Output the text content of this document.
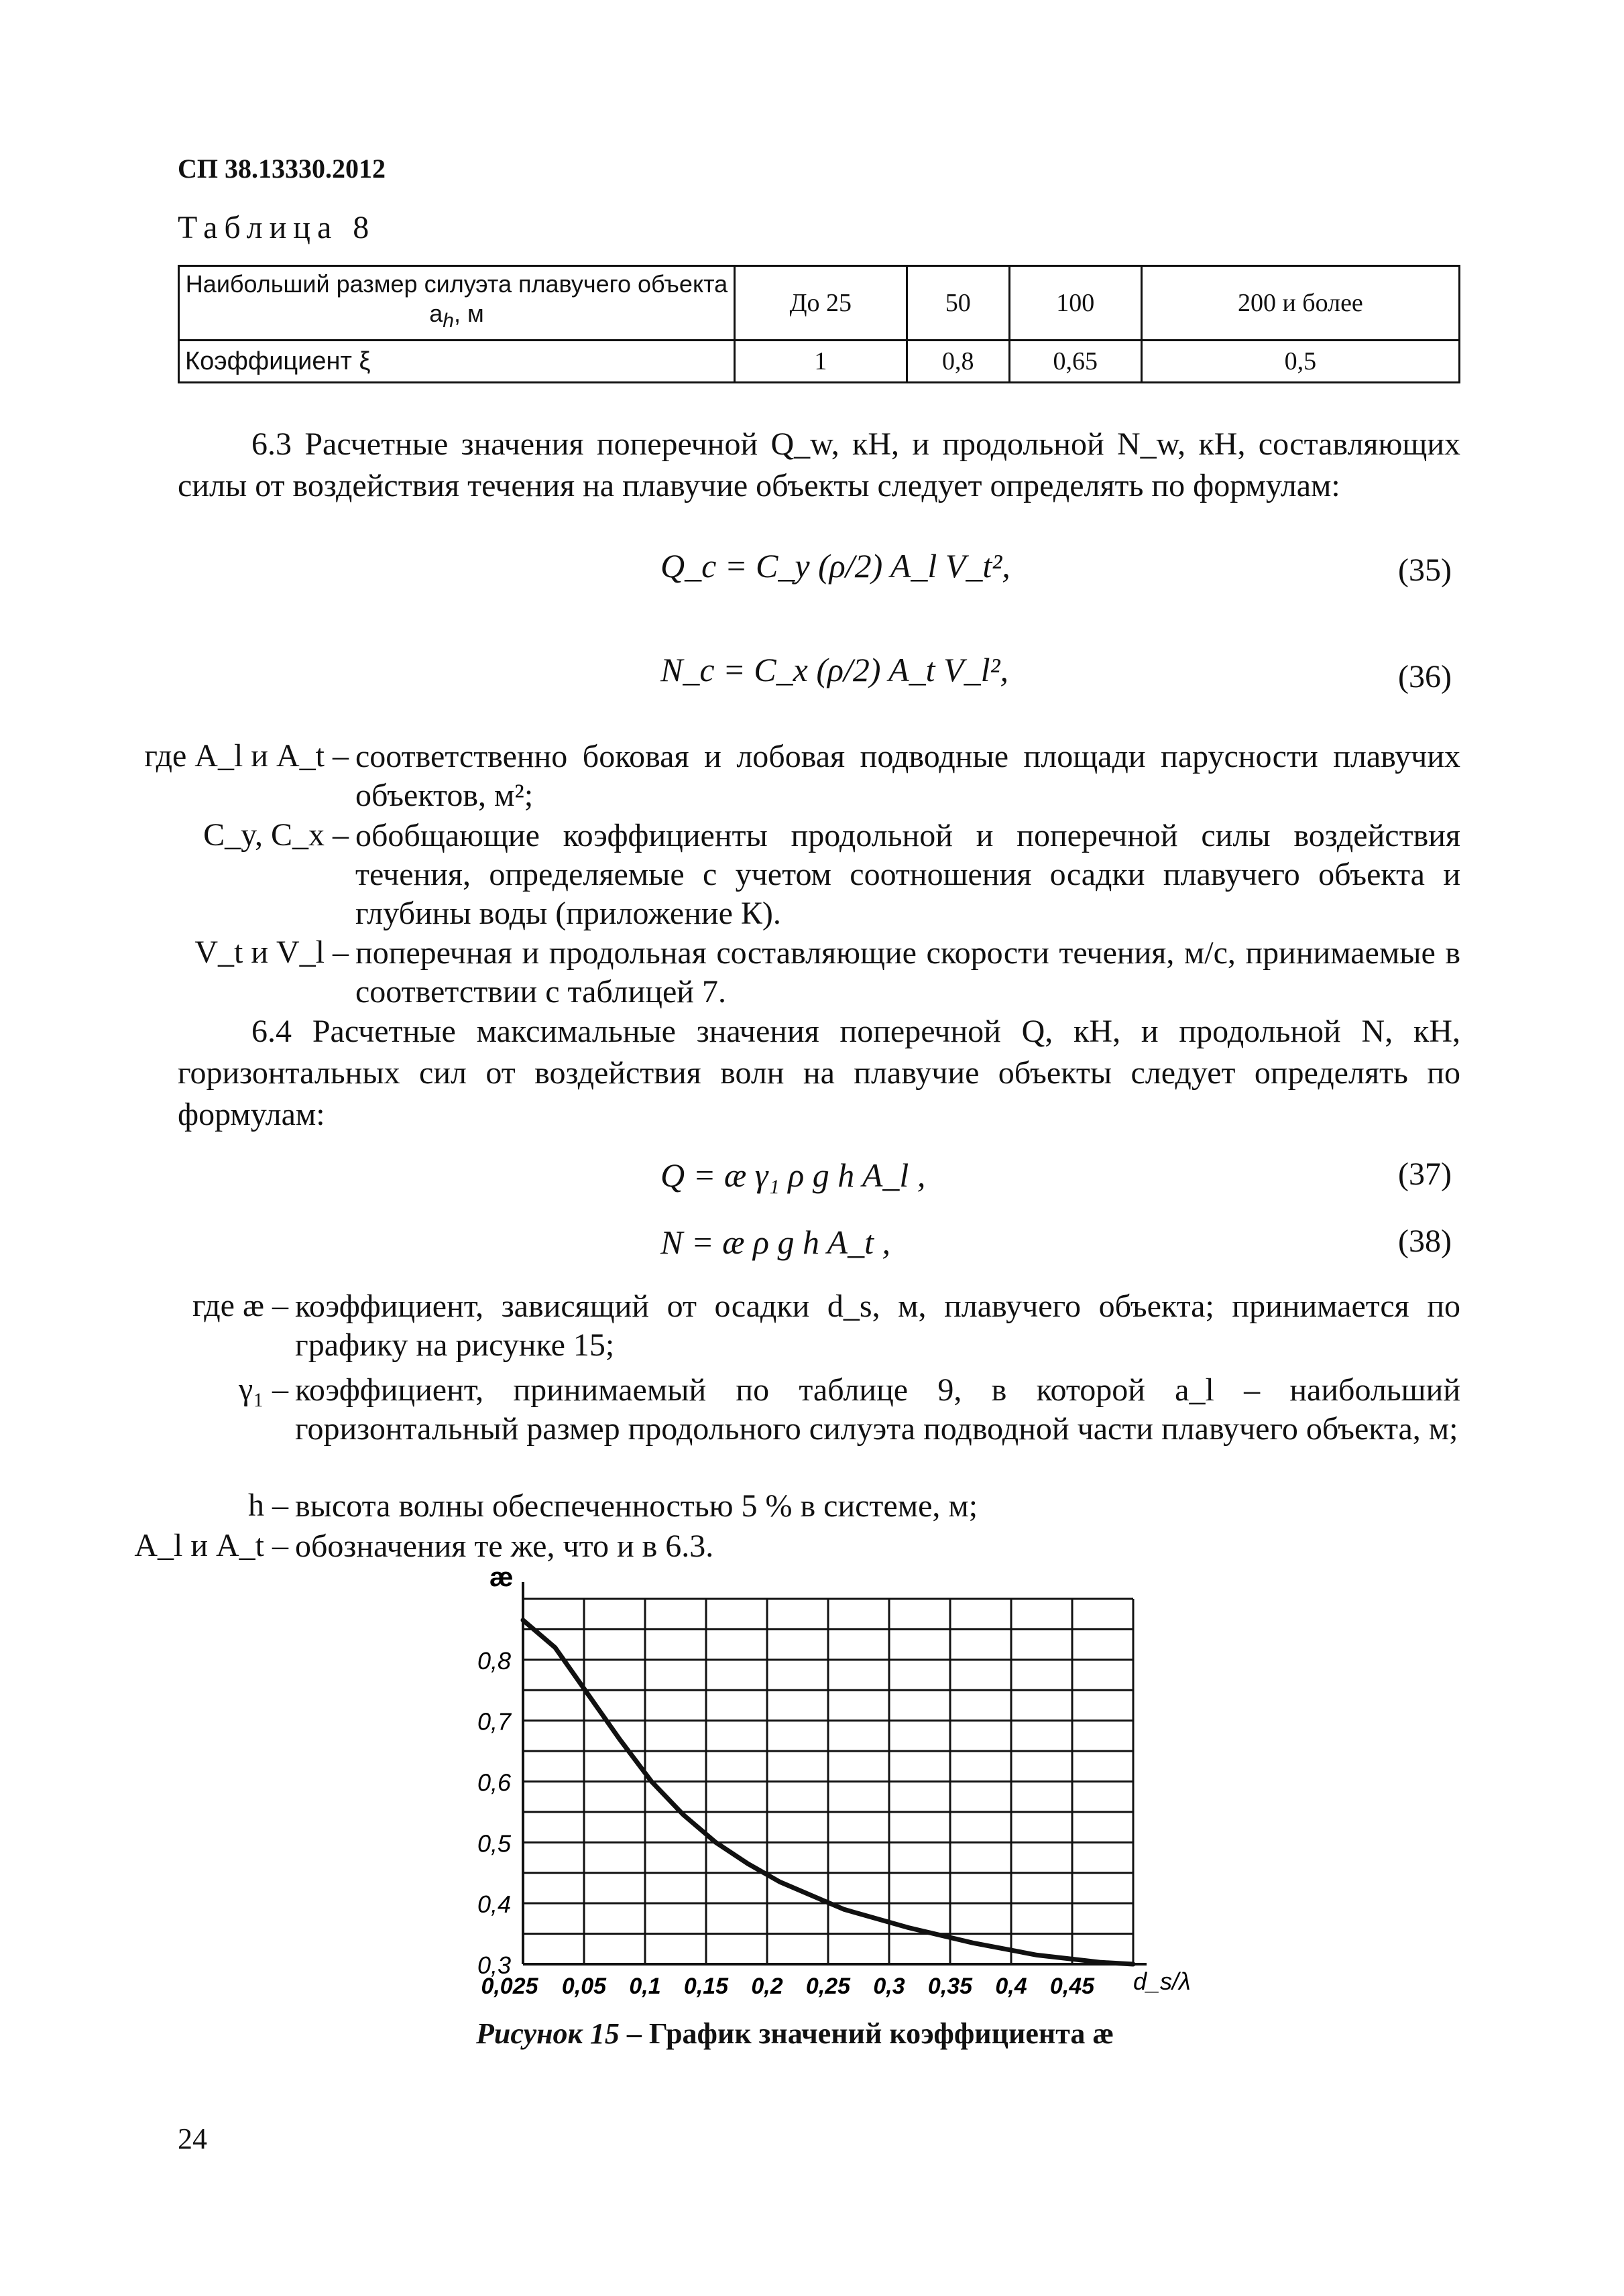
СП 38.13330.2012
Таблица 8
Наибольший размер силуэта плавучего объекта $a_h$, м	До 25	50	100	200 и более
Коэффициент ξ	1	0,8	0,65	0,5
6.3 Расчетные значения поперечной Q_w, кН, и продольной N_w, кН, составляющих силы от воздействия течения на плавучие объекты следует определять по формулам:
Q_c = C_y (ρ/2) A_l V_t²,	(35)
N_c = C_x (ρ/2) A_t V_l²,	(36)
где A_l и A_t – соответственно боковая и лобовая подводные площади парусности плавучих объектов, м²;
C_y, C_x – обобщающие коэффициенты продольной и поперечной силы воздействия течения, определяемые с учетом соотношения осадки плавучего объекта и глубины воды (приложение К).
V_t и V_l – поперечная и продольная составляющие скорости течения, м/с, принимаемые в соответствии с таблицей 7.
6.4 Расчетные максимальные значения поперечной Q, кН, и продольной N, кН, горизонтальных сил от воздействия волн на плавучие объекты следует определять по формулам:
Q = æ γ₁ ρ g h A_l ,	(37)
N = æ ρ g h A_t ,	(38)
где æ – коэффициент, зависящий от осадки d_s, м, плавучего объекта; принимается по графику на рисунке 15;
γ₁ – коэффициент, принимаемый по таблице 9, в которой a_l – наибольший горизонтальный размер продольного силуэта подводной части плавучего объекта, м;
h – высота волны обеспеченностью 5 % в системе, м;
A_l и A_t – обозначения те же, что и в 6.3.
0,3
0,4
0,5
0,6
0,7
0,8
0,025 0,05 0,1 0,15 0,2 0,25 0,3 0,35 0,4 0,45
æ
d_s/λ
Рисунок 15 – График значений коэффициента æ
24
